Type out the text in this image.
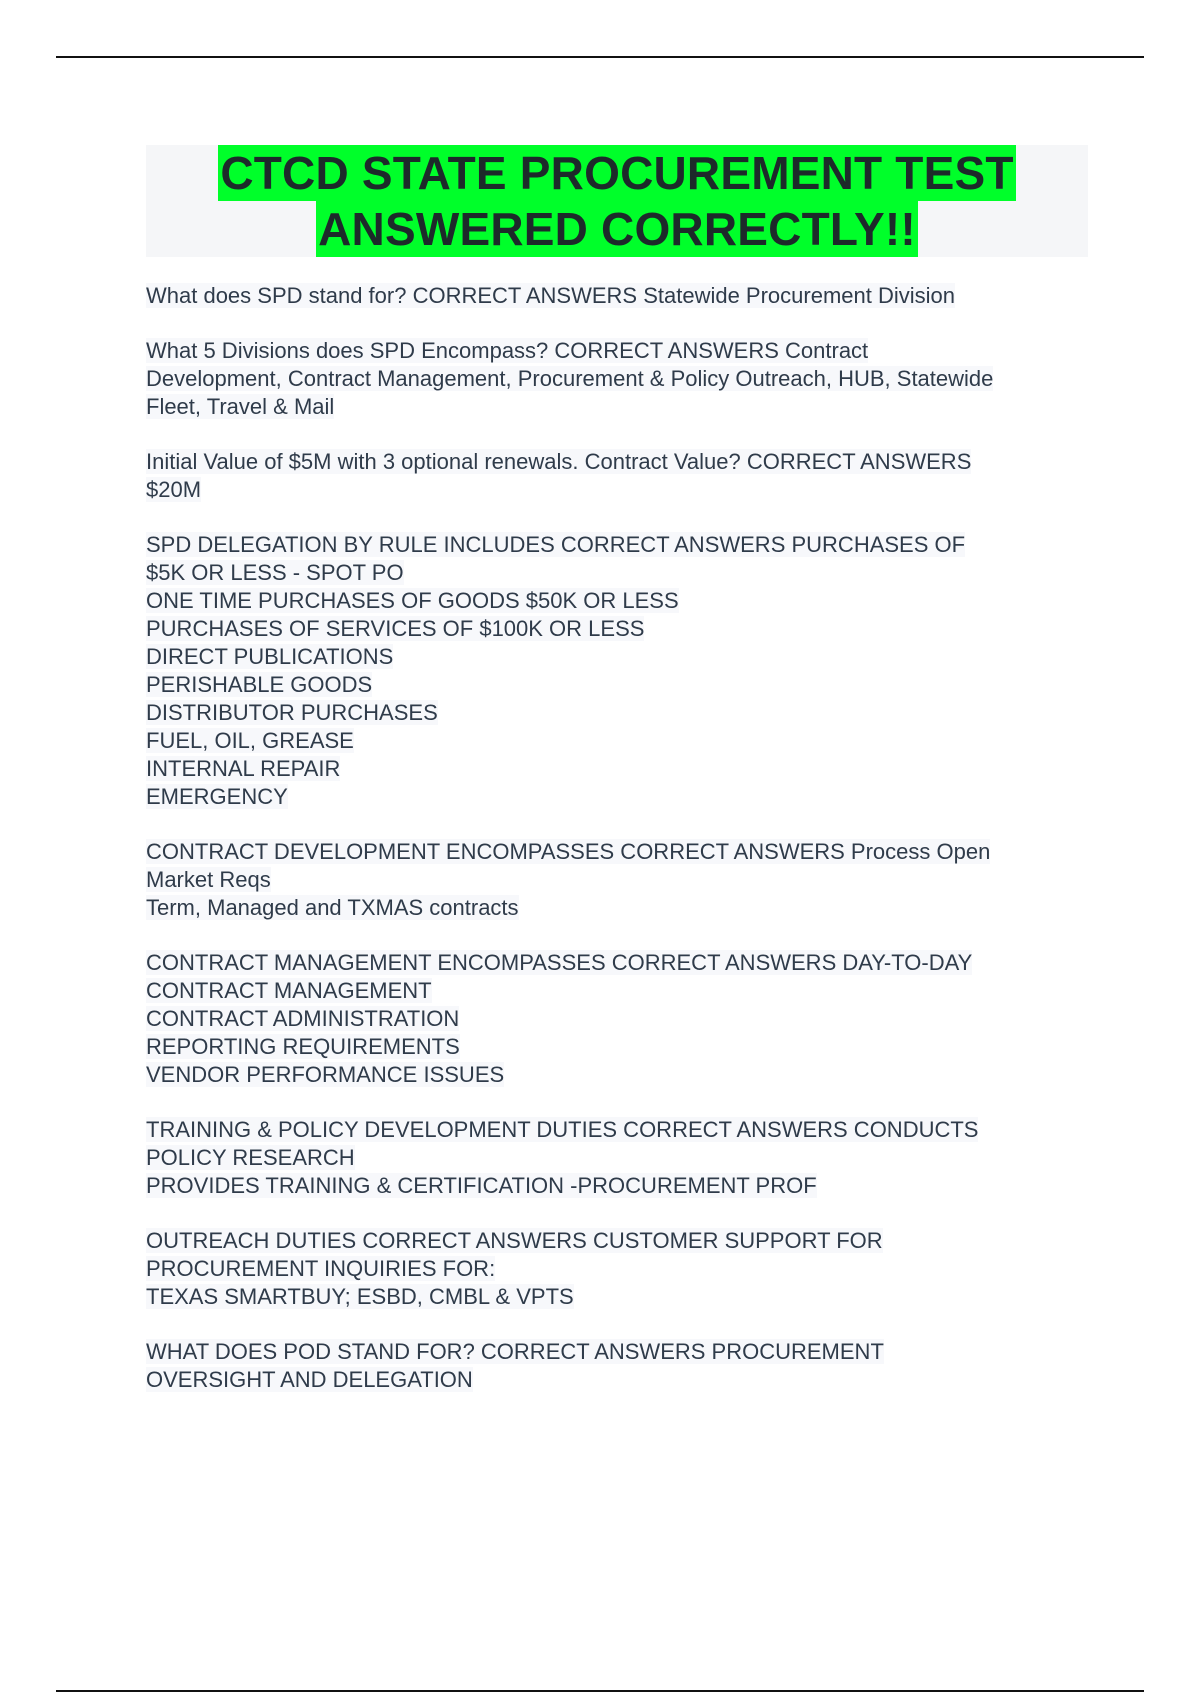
CTCD STATE PROCUREMENT TEST
ANSWERED CORRECTLY!!
What does SPD stand for? CORRECT ANSWERS Statewide Procurement Division
What 5 Divisions does SPD Encompass? CORRECT ANSWERS Contract
Development, Contract Management, Procurement & Policy Outreach, HUB, Statewide
Fleet, Travel & Mail
Initial Value of $5M with 3 optional renewals. Contract Value? CORRECT ANSWERS
$20M
SPD DELEGATION BY RULE INCLUDES CORRECT ANSWERS PURCHASES OF
$5K OR LESS - SPOT PO
ONE TIME PURCHASES OF GOODS $50K OR LESS
PURCHASES OF SERVICES OF $100K OR LESS
DIRECT PUBLICATIONS
PERISHABLE GOODS
DISTRIBUTOR PURCHASES
FUEL, OIL, GREASE
INTERNAL REPAIR
EMERGENCY
CONTRACT DEVELOPMENT ENCOMPASSES CORRECT ANSWERS Process Open
Market Reqs
Term, Managed and TXMAS contracts
CONTRACT MANAGEMENT ENCOMPASSES CORRECT ANSWERS DAY-TO-DAY
CONTRACT MANAGEMENT
CONTRACT ADMINISTRATION
REPORTING REQUIREMENTS
VENDOR PERFORMANCE ISSUES
TRAINING & POLICY DEVELOPMENT DUTIES CORRECT ANSWERS CONDUCTS
POLICY RESEARCH
PROVIDES TRAINING & CERTIFICATION -PROCUREMENT PROF
OUTREACH DUTIES CORRECT ANSWERS CUSTOMER SUPPORT FOR
PROCUREMENT INQUIRIES FOR:
TEXAS SMARTBUY; ESBD, CMBL & VPTS
WHAT DOES POD STAND FOR? CORRECT ANSWERS PROCUREMENT
OVERSIGHT AND DELEGATION
